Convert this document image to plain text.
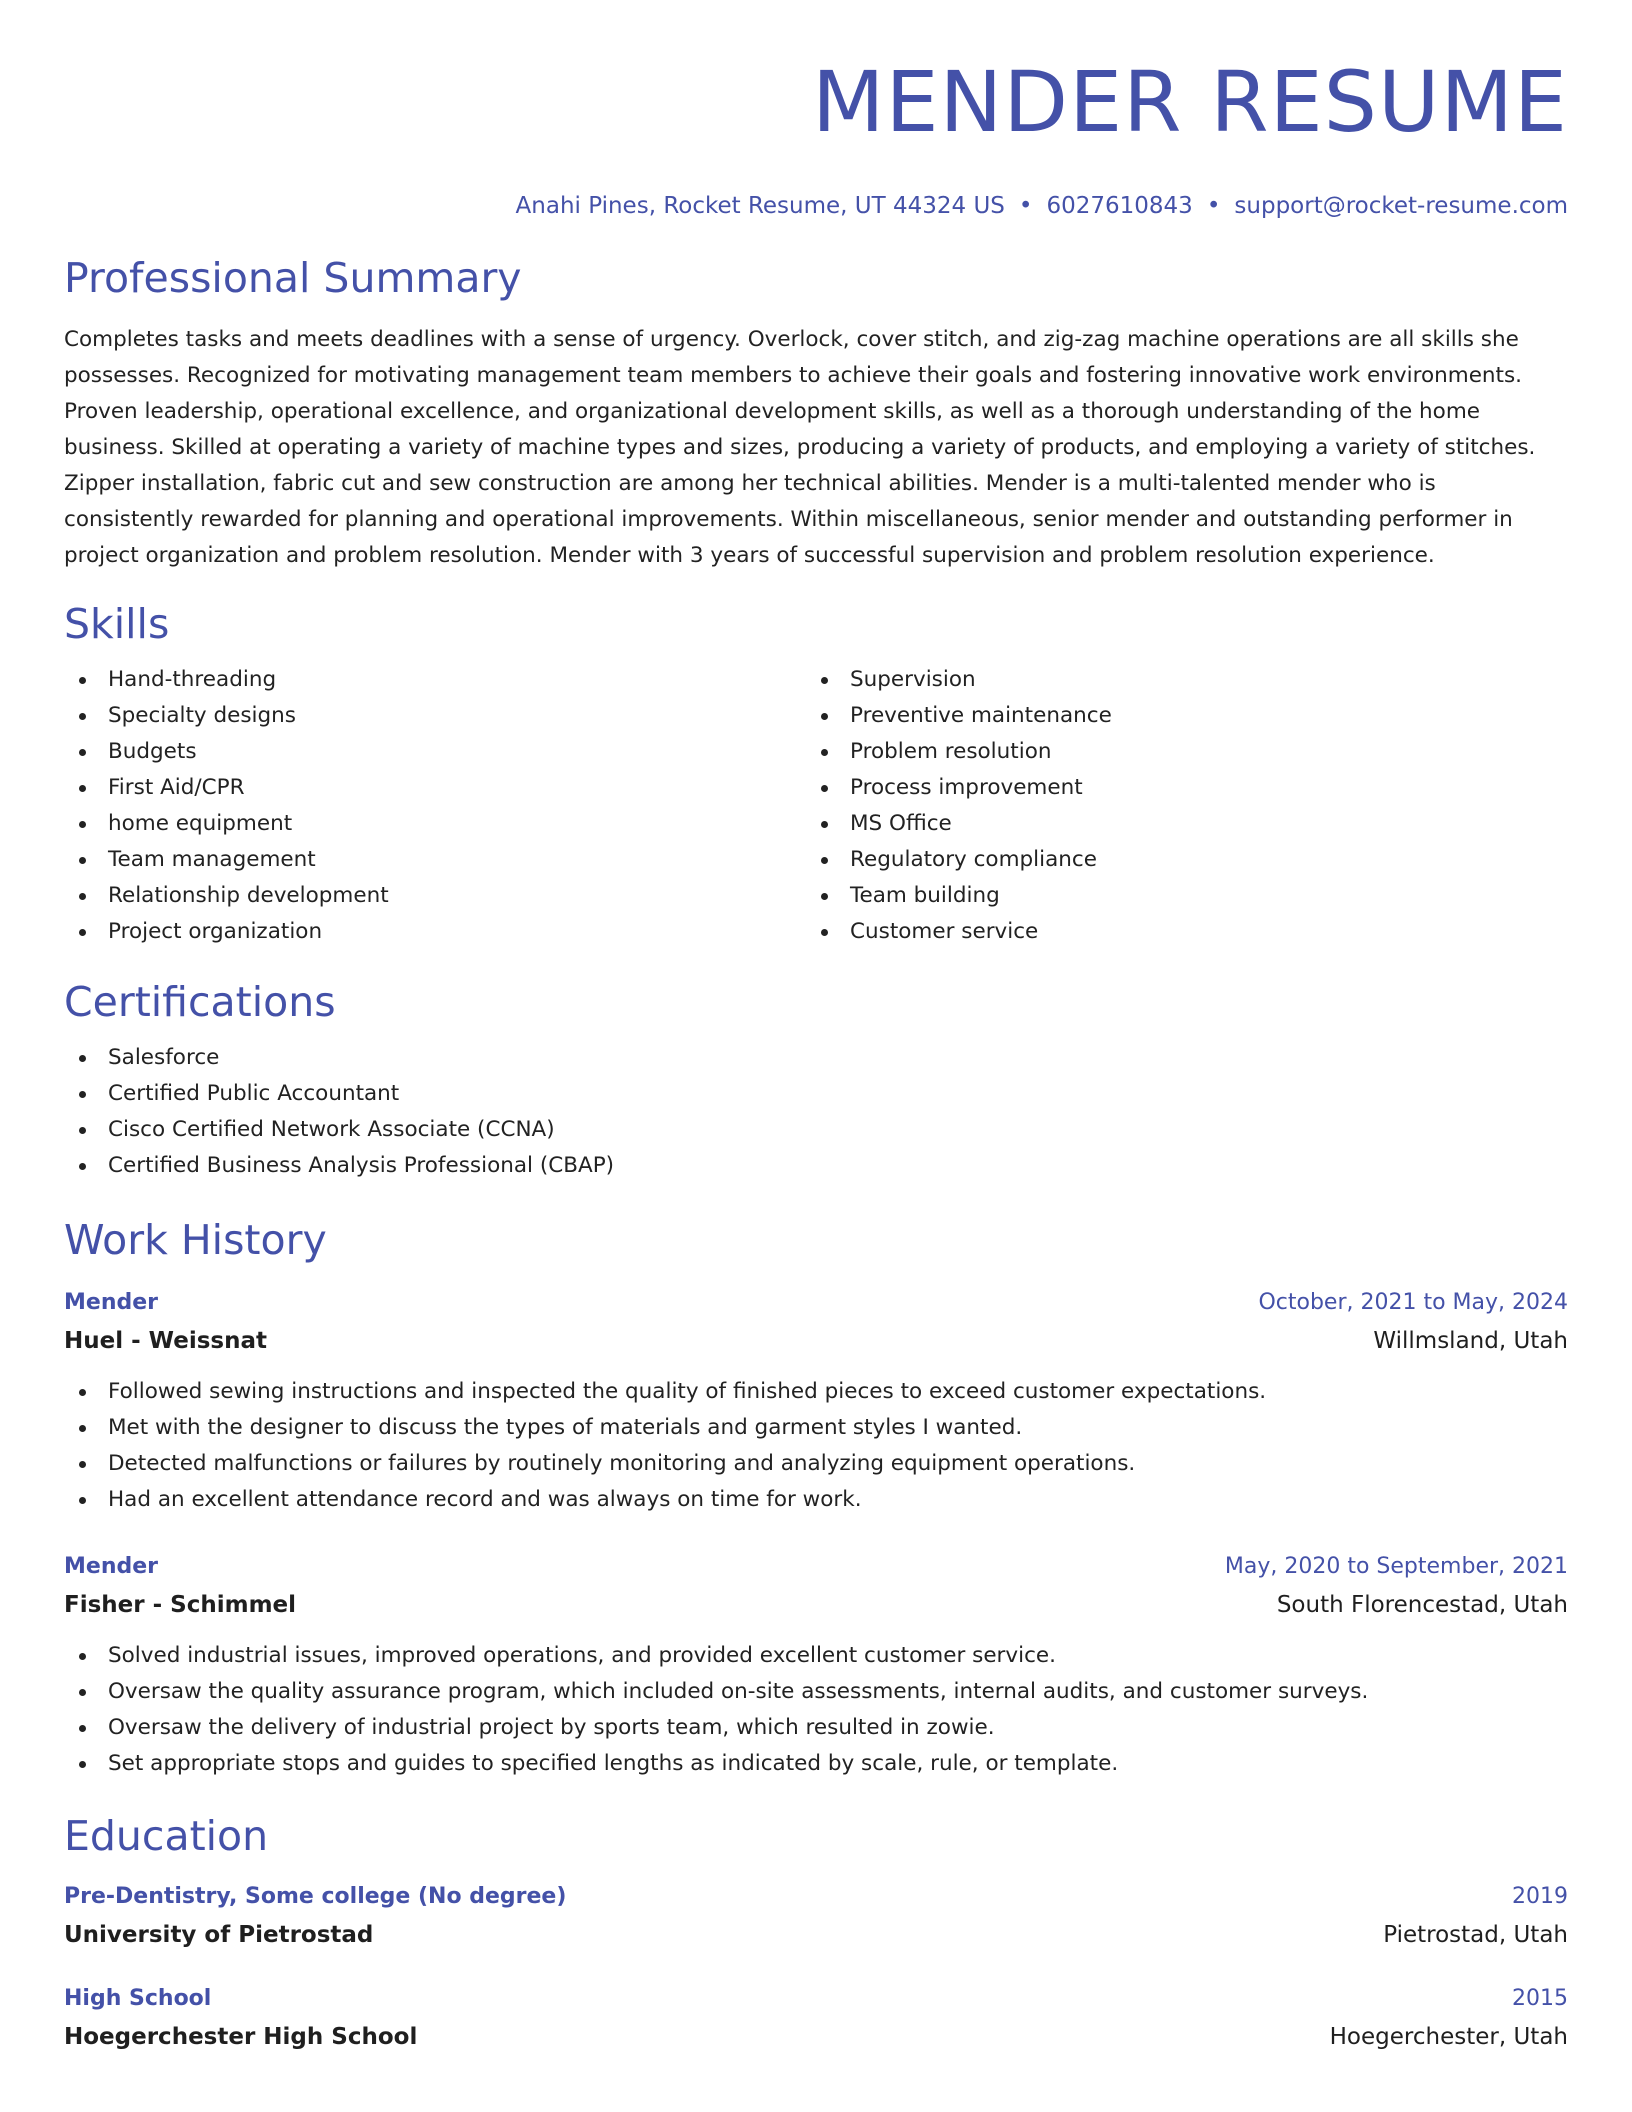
MENDER RESUME
Anahi Pines, Rocket Resume, UT 44324 US • 6027610843 • support@rocket-resume.com
Professional Summary

Completes tasks and meets deadlines with a sense of urgency. Overlock, cover stitch, and zig-zag machine operations are all skills she possesses. Recognized for motivating management team members to achieve their goals and fostering innovative work environments. Proven leadership, operational excellence, and organizational development skills, as well as a thorough understanding of the home business. Skilled at operating a variety of machine types and sizes, producing a variety of products, and employing a variety of stitches. Zipper installation, fabric cut and sew construction are among her technical abilities. Mender is a multi-talented mender who is consistently rewarded for planning and operational improvements. Within miscellaneous, senior mender and outstanding performer in project organization and problem resolution. Mender with 3 years of successful supervision and problem resolution experience.

Skills
Hand-threading
Specialty designs
Budgets
First Aid/CPR
home equipment
Team management
Relationship development
Project organization
Supervision
Preventive maintenance
Problem resolution
Process improvement
MS Office
Regulatory compliance
Team building
Customer service
Certifications
Salesforce
Certified Public Accountant
Cisco Certified Network Associate (CCNA)
Certified Business Analysis Professional (CBAP)
Work History
Mender	October, 2021 to May, 2024
Huel - Weissnat	Willmsland, Utah
Followed sewing instructions and inspected the quality of finished pieces to exceed customer expectations.
Met with the designer to discuss the types of materials and garment styles I wanted.
Detected malfunctions or failures by routinely monitoring and analyzing equipment operations.
Had an excellent attendance record and was always on time for work.
Mender	May, 2020 to September, 2021
Fisher - Schimmel	South Florencestad, Utah
Solved industrial issues, improved operations, and provided excellent customer service.
Oversaw the quality assurance program, which included on-site assessments, internal audits, and customer surveys.
Oversaw the delivery of industrial project by sports team, which resulted in zowie.
Set appropriate stops and guides to specified lengths as indicated by scale, rule, or template.
Education
Pre-Dentistry, Some college (No degree)	2019
University of Pietrostad	Pietrostad, Utah
High School	2015
Hoegerchester High School	Hoegerchester, Utah
